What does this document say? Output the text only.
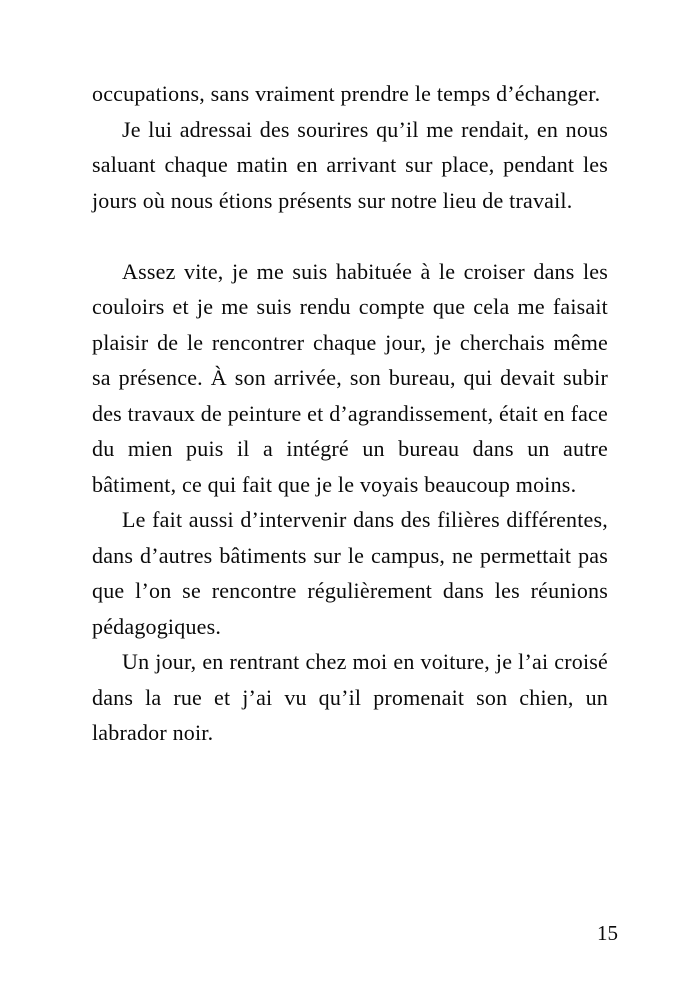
occupations, sans vraiment prendre le temps d’échanger.

Je lui adressai des sourires qu’il me rendait, en nous saluant chaque matin en arrivant sur place, pendant les jours où nous étions présents sur notre lieu de travail.

Assez vite, je me suis habituée à le croiser dans les couloirs et je me suis rendu compte que cela me faisait plaisir de le rencontrer chaque jour, je cherchais même sa présence. À son arrivée, son bureau, qui devait subir des travaux de peinture et d’agrandissement, était en face du mien puis il a intégré un bureau dans un autre bâtiment, ce qui fait que je le voyais beaucoup moins.

Le fait aussi d’intervenir dans des filières différentes, dans d’autres bâtiments sur le campus, ne permettait pas que l’on se rencontre régulièrement dans les réunions pédagogiques.

Un jour, en rentrant chez moi en voiture, je l’ai croisé dans la rue et j’ai vu qu’il promenait son chien, un labrador noir.

15
